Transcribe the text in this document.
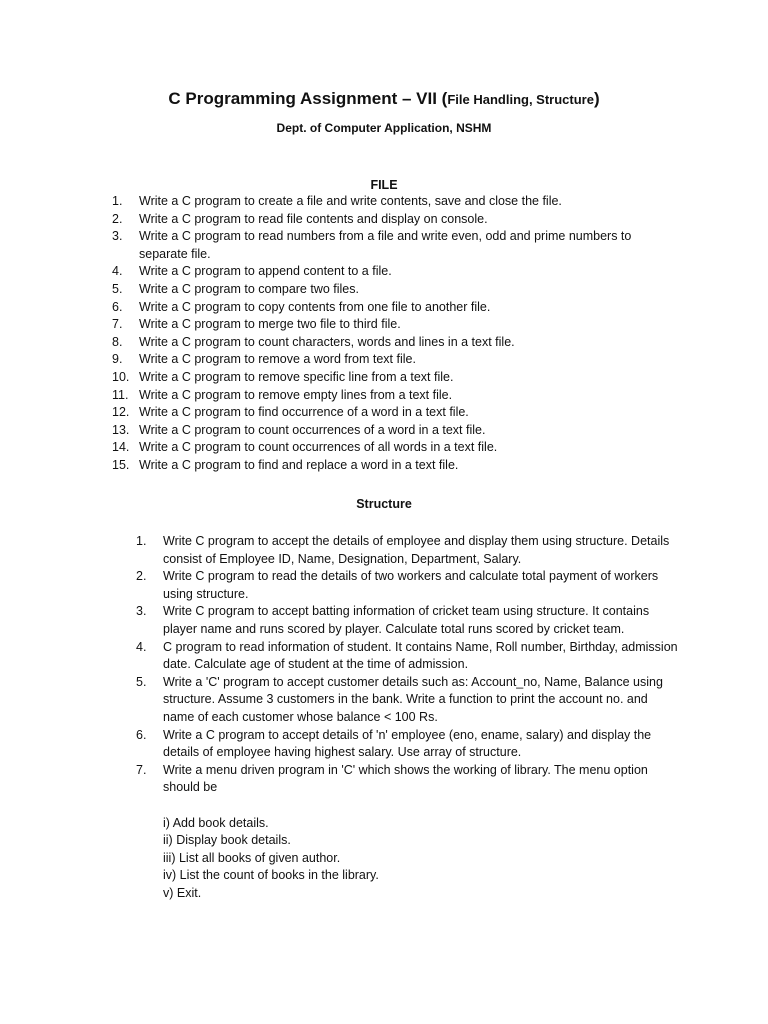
C Programming Assignment – VII (File Handling, Structure)
Dept. of Computer Application, NSHM
FILE
1. Write a C program to create a file and write contents, save and close the file.
2. Write a C program to read file contents and display on console.
3. Write a C program to read numbers from a file and write even, odd and prime numbers to separate file.
4. Write a C program to append content to a file.
5. Write a C program to compare two files.
6. Write a C program to copy contents from one file to another file.
7. Write a C program to merge two file to third file.
8. Write a C program to count characters, words and lines in a text file.
9. Write a C program to remove a word from text file.
10. Write a C program to remove specific line from a text file.
11. Write a C program to remove empty lines from a text file.
12. Write a C program to find occurrence of a word in a text file.
13. Write a C program to count occurrences of a word in a text file.
14. Write a C program to count occurrences of all words in a text file.
15. Write a C program to find and replace a word in a text file.
Structure
1. Write C program to accept the details of employee and display them using structure. Details consist of Employee ID, Name, Designation, Department, Salary.
2. Write C program to read the details of two workers and calculate total payment of workers using structure.
3. Write C program to accept batting information of cricket team using structure. It contains player name and runs scored by player. Calculate total runs scored by cricket team.
4. C program to read information of student. It contains Name, Roll number, Birthday, admission date. Calculate age of student at the time of admission.
5. Write a 'C' program to accept customer details such as: Account_no, Name, Balance using structure. Assume 3 customers in the bank. Write a function to print the account no. and name of each customer whose balance < 100 Rs.
6. Write a C program to accept details of 'n' employee (eno, ename, salary) and display the details of employee having highest salary. Use array of structure.
7. Write a menu driven program in 'C' which shows the working of library. The menu option should be
i) Add book details.
ii) Display book details.
iii) List all books of given author.
iv) List the count of books in the library.
v) Exit.
